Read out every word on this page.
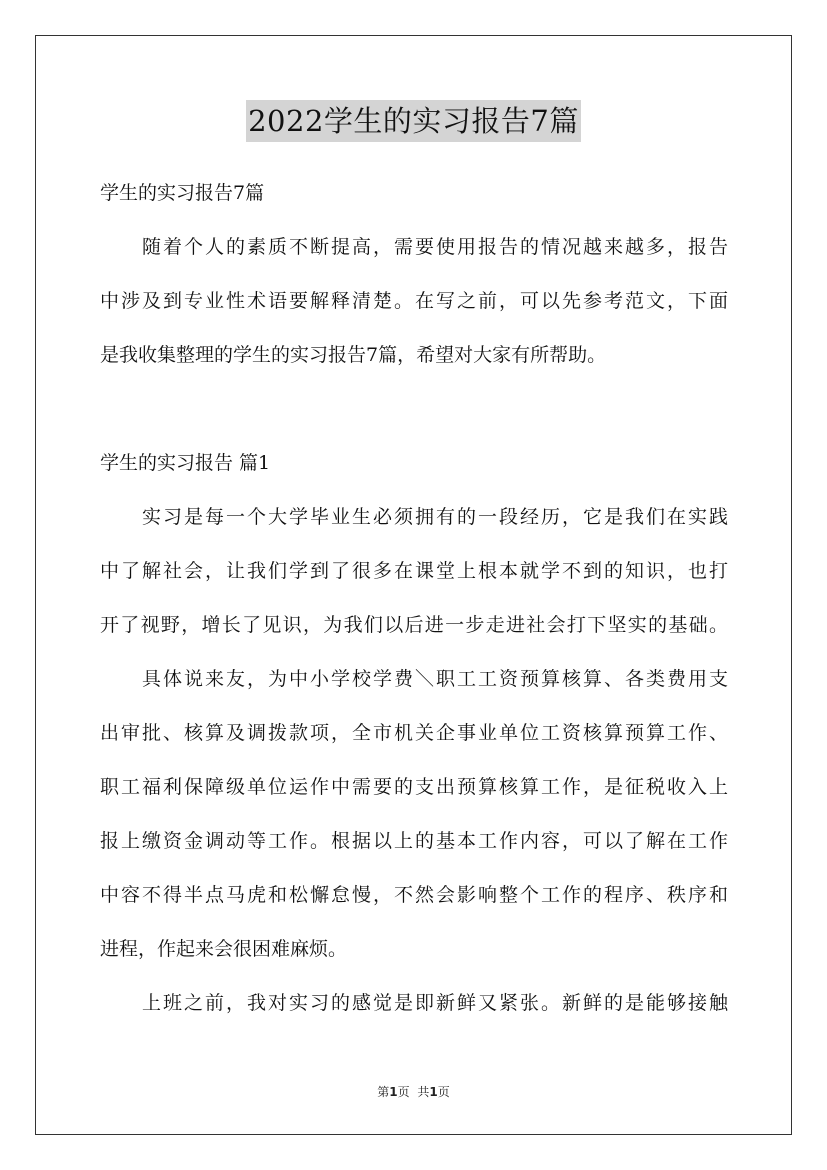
2022学生的实习报告7篇
学生的实习报告7篇
随着个人的素质不断提高，需要使用报告的情况越来越多，报告
中涉及到专业性术语要解释清楚。在写之前，可以先参考范文，下面
是我收集整理的学生的实习报告7篇，希望对大家有所帮助。
学生的实习报告 篇1
实习是每一个大学毕业生必须拥有的一段经历，它是我们在实践
中了解社会，让我们学到了很多在课堂上根本就学不到的知识，也打
开了视野，增长了见识，为我们以后进一步走进社会打下坚实的基础。
具体说来友，为中小学校学费＼职工工资预算核算、各类费用支
出审批、核算及调拨款项，全市机关企事业单位工资核算预算工作、
职工福利保障级单位运作中需要的支出预算核算工作，是征税收入上
报上缴资金调动等工作。根据以上的基本工作内容，可以了解在工作
中容不得半点马虎和松懈怠慢，不然会影响整个工作的程序、秩序和
进程，作起来会很困难麻烦。
上班之前，我对实习的感觉是即新鲜又紧张。新鲜的是能够接触
第1页 共1页
